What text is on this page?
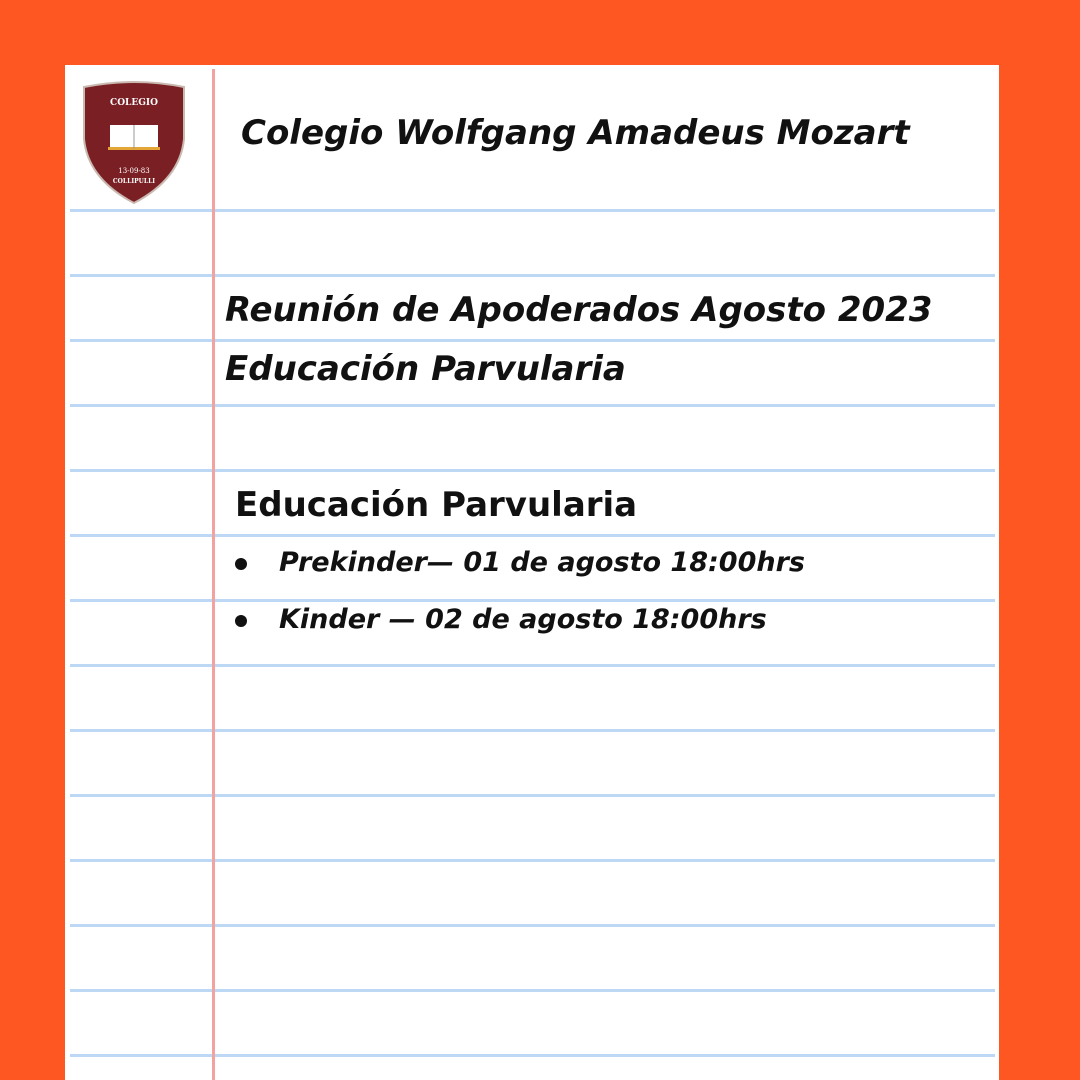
COLEGIO
13-09-83
COLLIPULLI
Colegio Wolfgang Amadeus Mozart
Reunión de Apoderados Agosto 2023
Educación Parvularia
Educación Parvularia
Prekinder— 01 de agosto 18:00hrs
Kinder — 02 de agosto 18:00hrs
